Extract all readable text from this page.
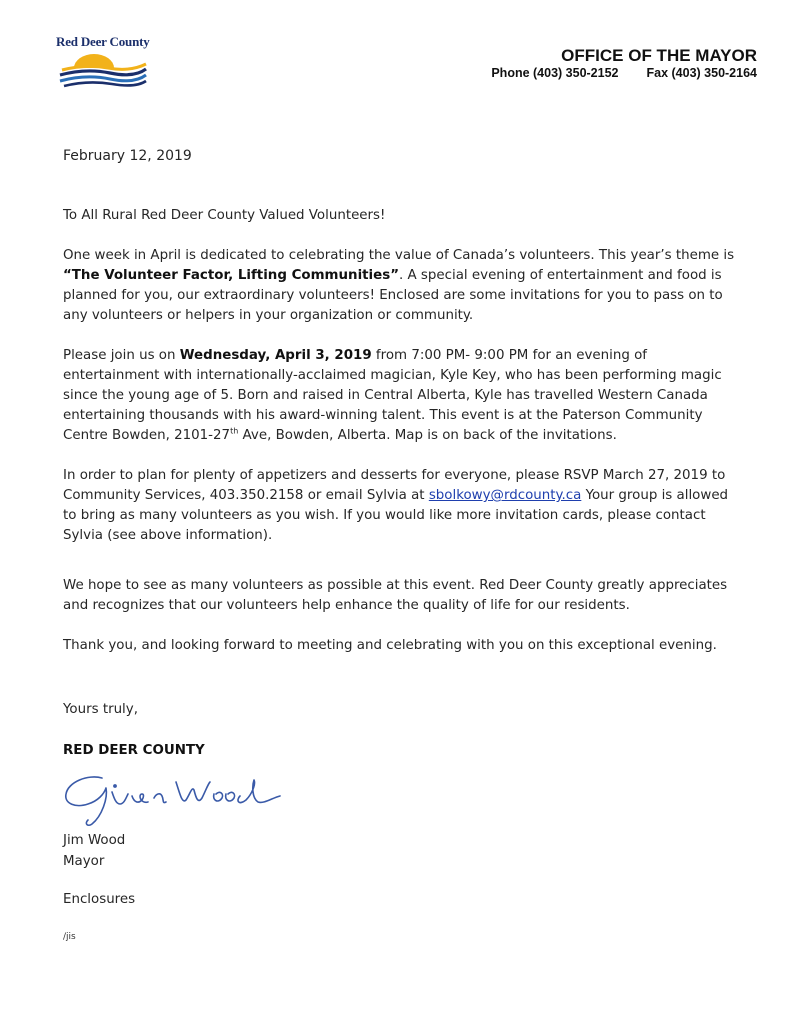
Red Deer County
OFFICE OF THE MAYOR
Phone (403) 350-2152 Fax (403) 350-2164
February 12, 2019
To All Rural Red Deer County Valued Volunteers!
One week in April is dedicated to celebrating the value of Canada’s volunteers. This year’s theme is “The Volunteer Factor, Lifting Communities”. A special evening of entertainment and food is planned for you, our extraordinary volunteers! Enclosed are some invitations for you to pass on to any volunteers or helpers in your organization or community.
Please join us on Wednesday, April 3, 2019 from 7:00 PM- 9:00 PM for an evening of entertainment with internationally-acclaimed magician, Kyle Key, who has been performing magic since the young age of 5. Born and raised in Central Alberta, Kyle has travelled Western Canada entertaining thousands with his award-winning talent. This event is at the Paterson Community Centre Bowden, 2101-27th Ave, Bowden, Alberta. Map is on back of the invitations.
In order to plan for plenty of appetizers and desserts for everyone, please RSVP March 27, 2019 to Community Services, 403.350.2158 or email Sylvia at sbolkowy@rdcounty.ca Your group is allowed to bring as many volunteers as you wish. If you would like more invitation cards, please contact Sylvia (see above information).
We hope to see as many volunteers as possible at this event. Red Deer County greatly appreciates and recognizes that our volunteers help enhance the quality of life for our residents.
Thank you, and looking forward to meeting and celebrating with you on this exceptional evening.
Yours truly,
RED DEER COUNTY
Jim Wood
Mayor
Enclosures
/jis
